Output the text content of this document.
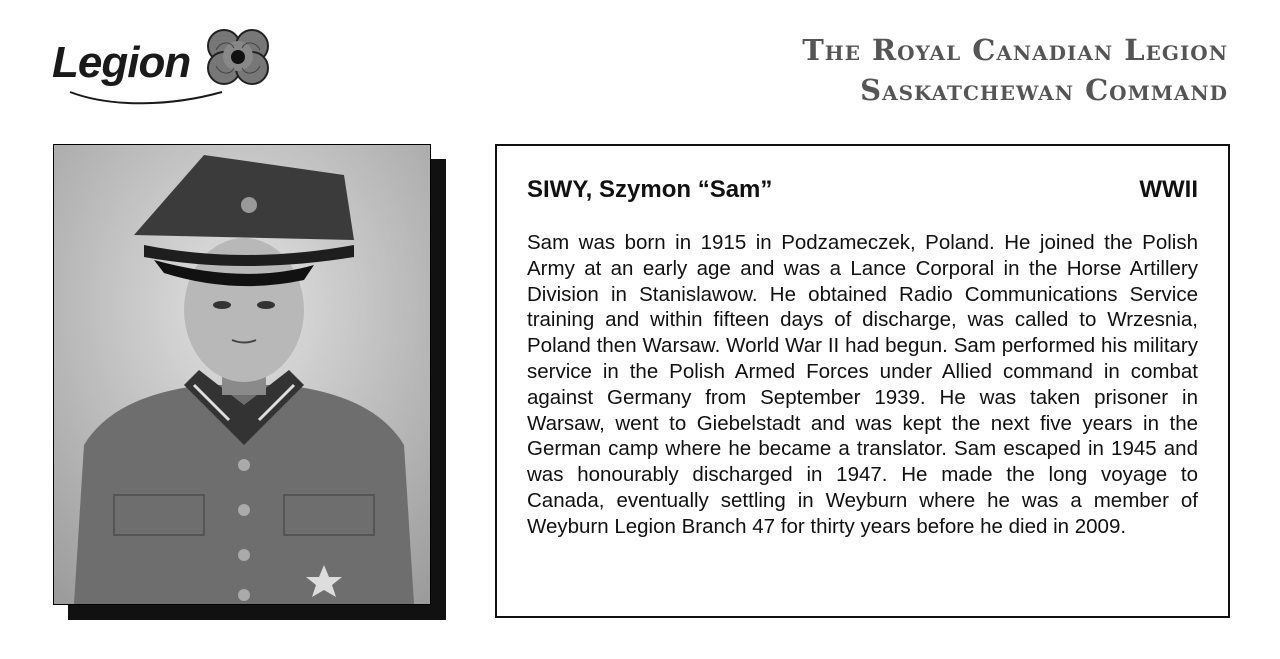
Legion	The Royal Canadian Legion
Saskatchewan Command
SIWY, Szymon “Sam”	WWII
Sam was born in 1915 in Podzameczek, Poland. He joined the Polish Army at an early age and was a Lance Corporal in the Horse Artillery Division in Stanislawow. He obtained Radio Communications Service training and within fifteen days of discharge, was called to Wrzesnia, Poland then Warsaw. World War II had begun. Sam performed his military service in the Polish Armed Forces under Allied command in combat against Germany from September 1939. He was taken prisoner in Warsaw, went to Giebelstadt and was kept the next five years in the German camp where he became a translator. Sam escaped in 1945 and was honourably discharged in 1947. He made the long voyage to Canada, eventually settling in Weyburn where he was a member of Weyburn Legion Branch 47 for thirty years before he died in 2009.
